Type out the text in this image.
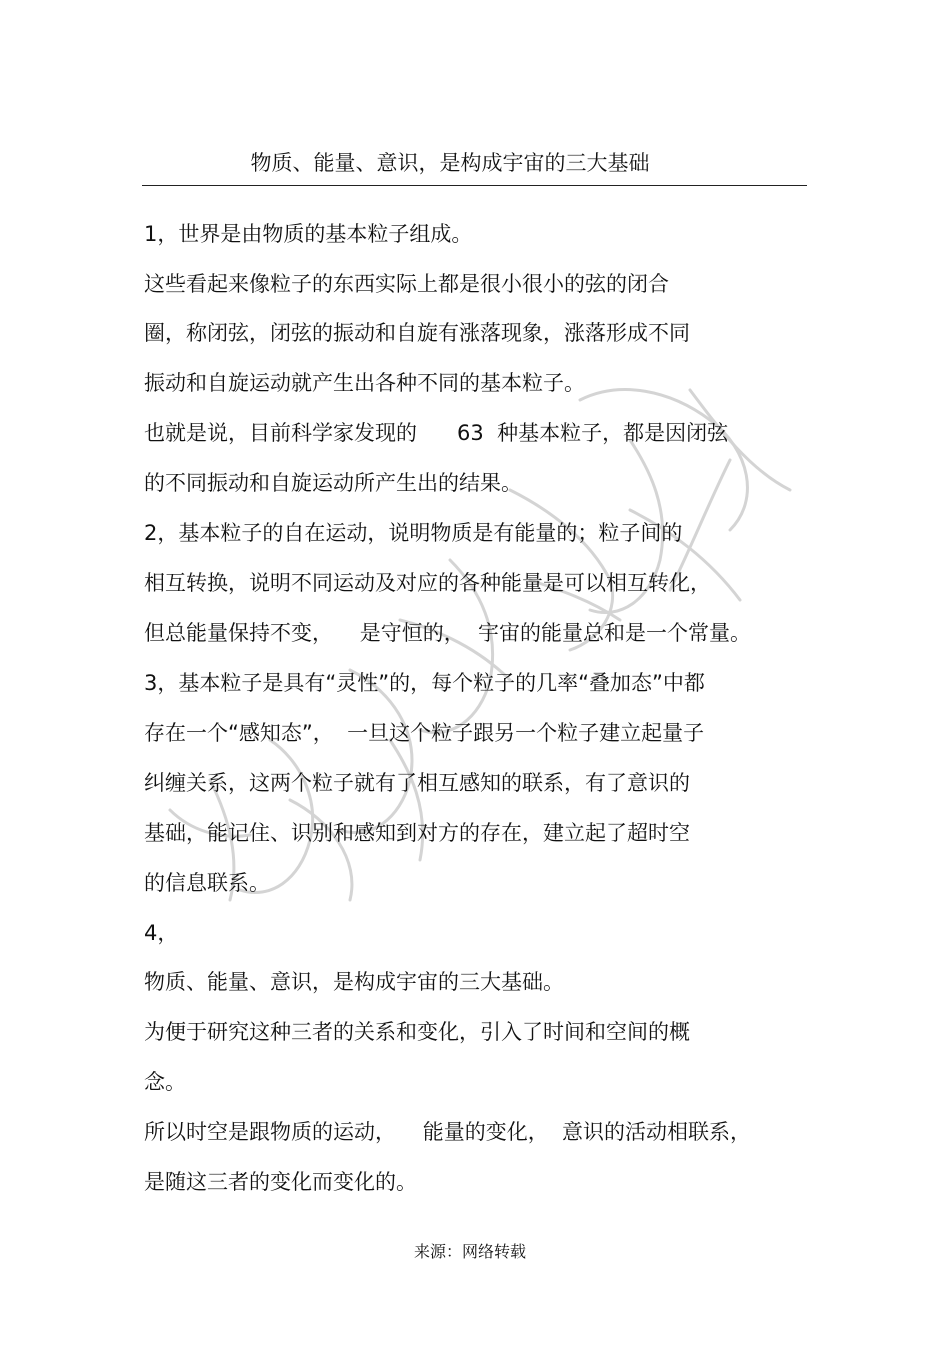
物质、能量、意识，是构成宇宙的三大基础
1，世界是由物质的基本粒子组成。
这些看起来像粒子的东西实际上都是很小很小的弦的闭合
圈，称闭弦，闭弦的振动和自旋有涨落现象，涨落形成不同
振动和自旋运动就产生出各种不同的基本粒子。
也就是说，目前科学家发现的      63  种基本粒子，都是因闭弦
的不同振动和自旋运动所产生出的结果。
2，基本粒子的自在运动，说明物质是有能量的；粒子间的
相互转换，说明不同运动及对应的各种能量是可以相互转化，
但总能量保持不变，    是守恒的，  宇宙的能量总和是一个常量。
3，基本粒子是具有“灵性”的，每个粒子的几率“叠加态”中都
存在一个“感知态”，  一旦这个粒子跟另一个粒子建立起量子
纠缠关系，这两个粒子就有了相互感知的联系，有了意识的
基础，能记住、识别和感知到对方的存在，建立起了超时空
的信息联系。
4，
物质、能量、意识，是构成宇宙的三大基础。
为便于研究这种三者的关系和变化，引入了时间和空间的概
念。
所以时空是跟物质的运动，    能量的变化，  意识的活动相联系，
是随这三者的变化而变化的。
来源：网络转载
